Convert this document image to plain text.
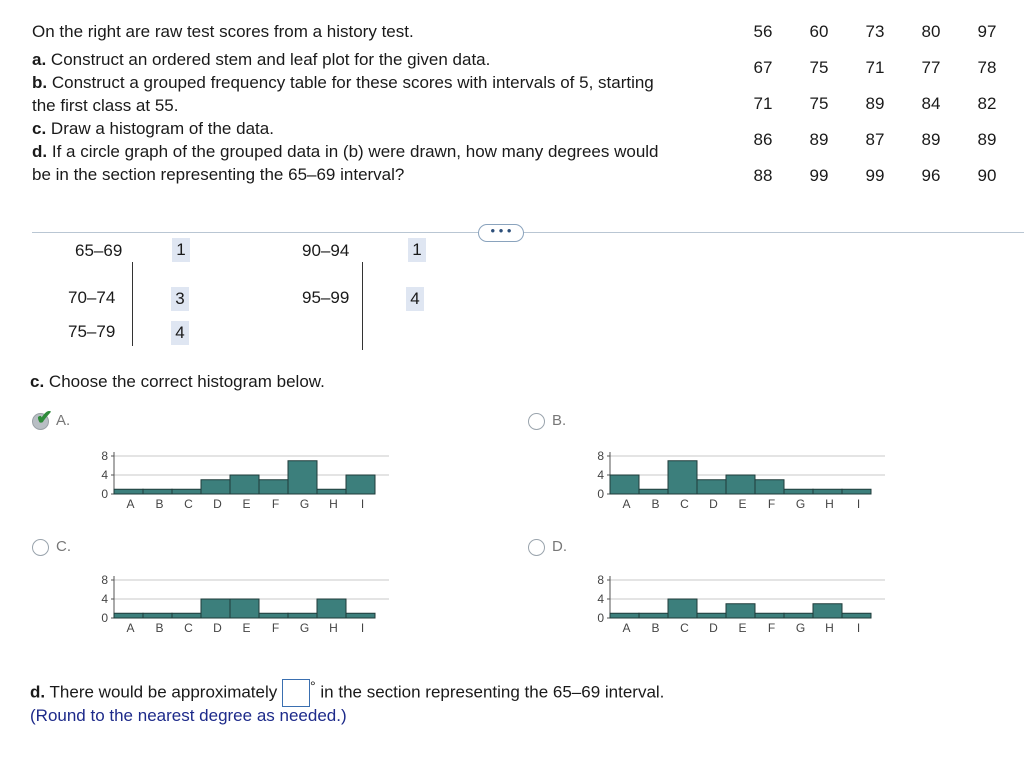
On the right are raw test scores from a history test.
a. Construct an ordered stem and leaf plot for the given data.
b. Construct a grouped frequency table for these scores with intervals of 5, starting
the first class at 55.
c. Draw a histogram of the data.
d. If a circle graph of the grouped data in (b) were drawn, how many degrees would
be in the section representing the 65–69 interval?
56	60	73	80	97
67	75	71	77	78
71	75	89	84	82
86	89	87	89	89
88	99	99	96	90
• • •
65–69	1	90–94	1
70–74	3	95–99	4
75–79	4
c. Choose the correct histogram below.
✔ A.
8
4
0
A B C D E F G H I
B.
8
4
0
A B C D E F G H I
C.
8
4
0
A B C D E F G H I
D.
8
4
0
A B C D E F G H I
d. There would be approximately ° in the section representing the 65–69 interval.
(Round to the nearest degree as needed.)
